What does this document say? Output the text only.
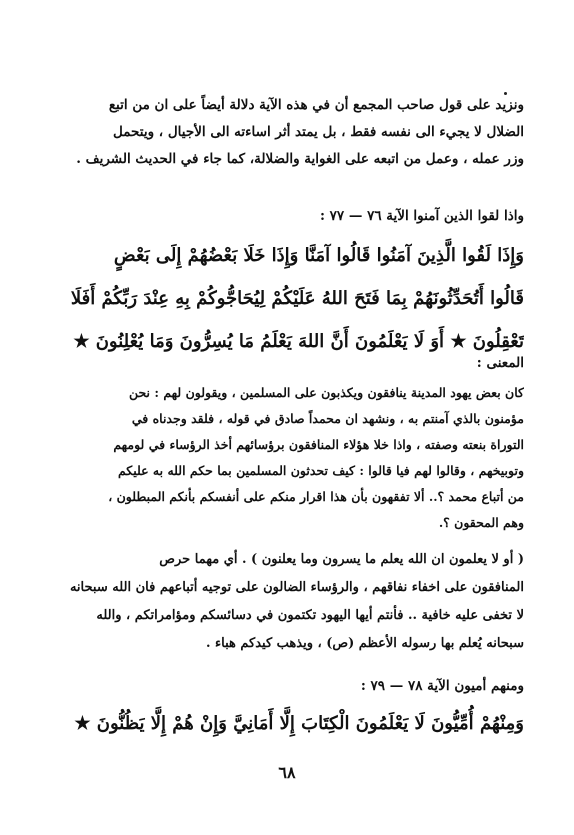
ونزيد على قول صاحب المجمع أن في هذه الآية دلالة أيضاً على ان من اتبع
الضلال لا يجيء الى نفسه فقط ، بل يمتد أثر اساءته الى الأجيال ، ويتحمل
وزر عمله ، وعمل من اتبعه على الغواية والضلالة، كما جاء في الحديث الشريف .
واذا لقوا الذين آمنوا الآية ٧٦ — ٧٧ :
وَإِذَا لَقُوا الَّذِينَ آمَنُوا قَالُوا آمَنَّا وَإِذَا خَلَا بَعْضُهُمْ إِلَى بَعْضٍ
قَالُوا أَتُحَدِّثُونَهُمْ بِمَا فَتَحَ اللهُ عَلَيْكُمْ لِيُحَاجُّوكُمْ بِهِ عِنْدَ رَبِّكُمْ أَفَلَا
تَعْقِلُونَ ★ أَوَ لَا يَعْلَمُونَ أَنَّ اللهَ يَعْلَمُ مَا يُسِرُّونَ وَمَا يُعْلِنُونَ ★
المعنى :
كان بعض يهود المدينة ينافقون ويكذبون على المسلمين ، ويقولون لهم : نحن
مؤمنون بالذي آمنتم به ، ونشهد ان محمداً صادق في قوله ، فلقد وجدناه في
التوراة بنعته وصفته ، واذا خلا هؤلاء المنافقون برؤسائهم أخذ الرؤساء في لومهم
وتوبيخهم ، وقالوا لهم فيا قالوا : كيف تحدثون المسلمين بما حكم الله به عليكم
من أتباع محمد ؟.. ألا تفقهون بأن هذا اقرار منكم على أنفسكم بأنكم المبطلون ،
وهم المحقون ؟.
( أو لا يعلمون ان الله يعلم ما يسرون وما يعلنون ) . أي مهما حرص
المنافقون على اخفاء نفاقهم ، والرؤساء الضالون على توجيه أتباعهم فان الله سبحانه
لا تخفى عليه خافية .. فأنتم أيها اليهود تكتمون في دسائسكم ومؤامراتكم ، والله
سبحانه يُعلم بها رسوله الأعظم (ص) ، ويذهب كيدكم هباء .
ومنهم أميون الآية ٧٨ — ٧٩ :
وَمِنْهُمْ أُمِّيُّونَ لَا يَعْلَمُونَ الْكِتَابَ إِلَّا أَمَانِيَّ وَإِنْ هُمْ إِلَّا يَظُنُّونَ ★
٦٨
